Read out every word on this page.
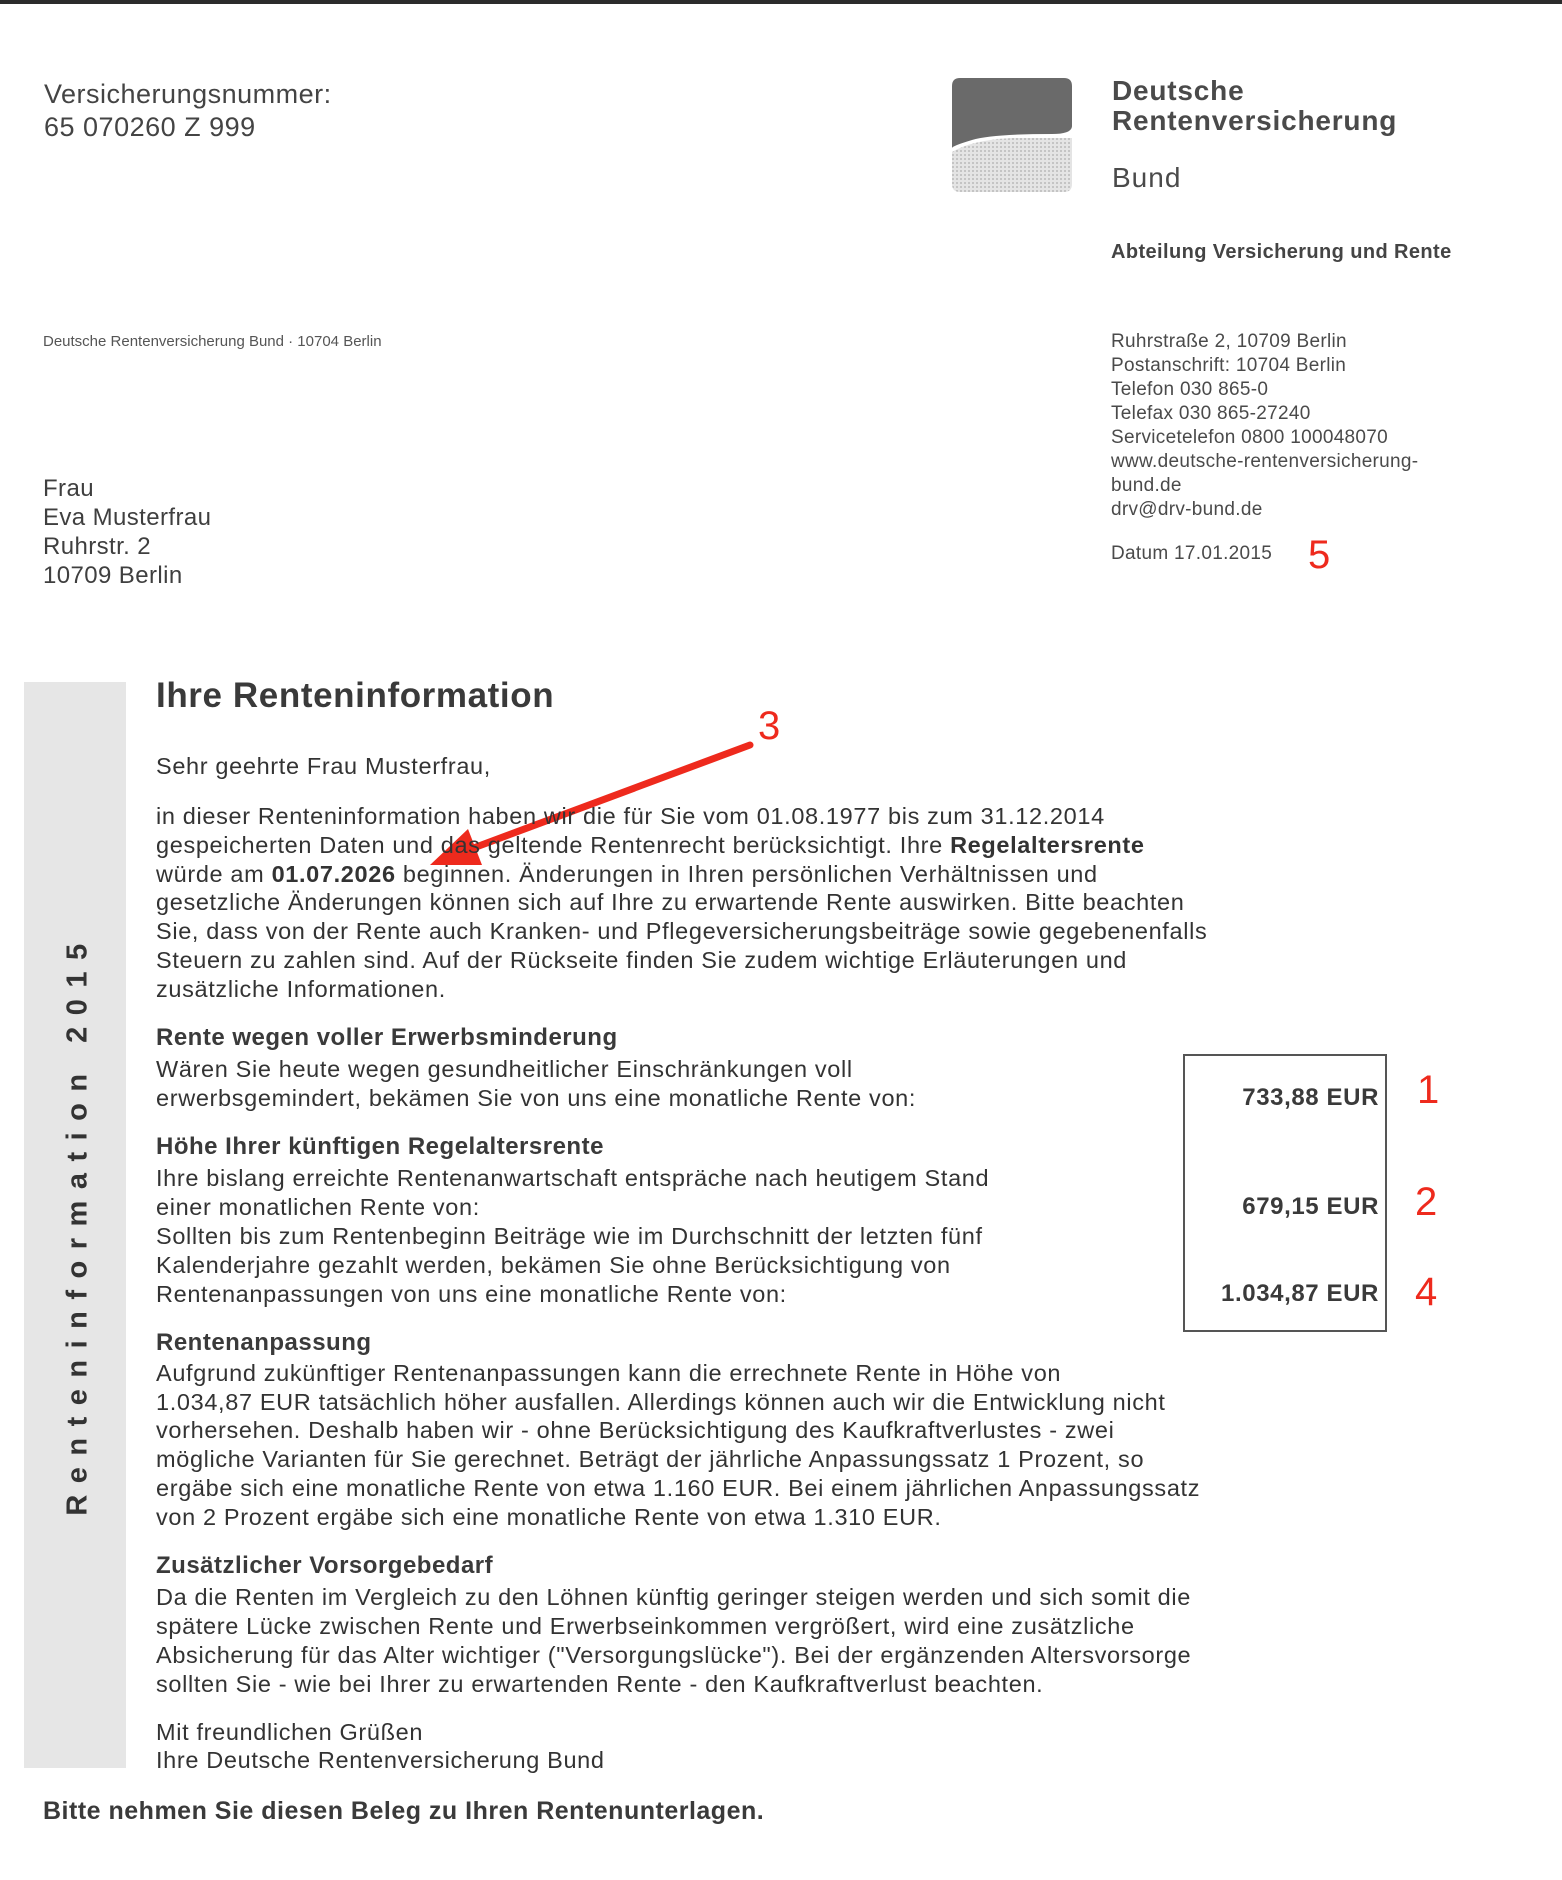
Versicherungsnummer:
65 070260 Z 999
Deutsche
Rentenversicherung
Bund
Abteilung Versicherung und Rente
Deutsche Rentenversicherung Bund · 10704 Berlin	Ruhrstraße 2, 10709 Berlin
Postanschrift: 10704 Berlin
Telefon 030 865-0
Telefax 030 865-27240
Servicetelefon 0800 100048070
www.deutsche-rentenversicherung-
bund.de
drv@drv-bund.de
Datum 17.01.2015 5
Frau
Eva Musterfrau
Ruhrstr. 2
10709 Berlin
Renteninformation 2015
Ihre Renteninformation
Sehr geehrte Frau Musterfrau,
3
in dieser Renteninformation haben wir die für Sie vom 01.08.1977 bis zum 31.12.2014
gespeicherten Daten und das geltende Rentenrecht berücksichtigt. Ihre Regelaltersrente
würde am 01.07.2026 beginnen. Änderungen in Ihren persönlichen Verhältnissen und
gesetzliche Änderungen können sich auf Ihre zu erwartende Rente auswirken. Bitte beachten
Sie, dass von der Rente auch Kranken- und Pflegeversicherungsbeiträge sowie gegebenenfalls
Steuern zu zahlen sind. Auf der Rückseite finden Sie zudem wichtige Erläuterungen und
zusätzliche Informationen.
Rente wegen voller Erwerbsminderung
Wären Sie heute wegen gesundheitlicher Einschränkungen voll
erwerbsgemindert, bekämen Sie von uns eine monatliche Rente von:
Höhe Ihrer künftigen Regelaltersrente
Ihre bislang erreichte Rentenanwartschaft entspräche nach heutigem Stand
einer monatlichen Rente von:
Sollten bis zum Rentenbeginn Beiträge wie im Durchschnitt der letzten fünf
Kalenderjahre gezahlt werden, bekämen Sie ohne Berücksichtigung von
Rentenanpassungen von uns eine monatliche Rente von:
733,88 EUR
679,15 EUR
1.034,87 EUR
1
2
4
Rentenanpassung
Aufgrund zukünftiger Rentenanpassungen kann die errechnete Rente in Höhe von
1.034,87 EUR tatsächlich höher ausfallen. Allerdings können auch wir die Entwicklung nicht
vorhersehen. Deshalb haben wir - ohne Berücksichtigung des Kaufkraftverlustes - zwei
mögliche Varianten für Sie gerechnet. Beträgt der jährliche Anpassungssatz 1 Prozent, so
ergäbe sich eine monatliche Rente von etwa 1.160 EUR. Bei einem jährlichen Anpassungssatz
von 2 Prozent ergäbe sich eine monatliche Rente von etwa 1.310 EUR.
Zusätzlicher Vorsorgebedarf
Da die Renten im Vergleich zu den Löhnen künftig geringer steigen werden und sich somit die
spätere Lücke zwischen Rente und Erwerbseinkommen vergrößert, wird eine zusätzliche
Absicherung für das Alter wichtiger ("Versorgungslücke"). Bei der ergänzenden Altersvorsorge
sollten Sie - wie bei Ihrer zu erwartenden Rente - den Kaufkraftverlust beachten.
Mit freundlichen Grüßen
Ihre Deutsche Rentenversicherung Bund
Bitte nehmen Sie diesen Beleg zu Ihren Rentenunterlagen.
